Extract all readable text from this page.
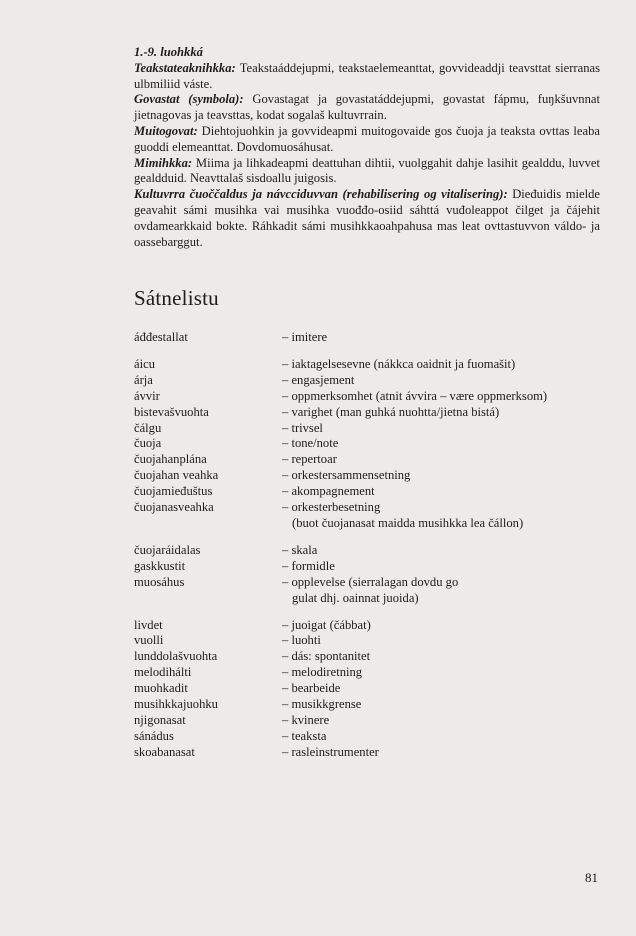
1.-9. luohkká

Teakstateaknihkka: Teakstaáddejupmi, teakstaelemeanttat, govvideaddji teavsttat sierranas ulbmiliid váste.

Govastat (symbola): Govastagat ja govastatáddejupmi, govastat fápmu, fuŋkšuvnnat jietnagovas ja teavsttas, kodat sogalaš kultuvrrain.

Muitogovat: Diehtojuohkin ja govvideapmi muitogovaide gos čuoja ja teaksta ovttas leaba guoddi elemeanttat. Dovdomuosáhusat.

Mimihkka: Miima ja lihkadeapmi deattuhan dihtii, vuolggahit dahje lasihit gealddu, luvvet gealdduid. Neavttalaš sisdoallu juigosis.

Kultuvrra čuoččaldus ja návcciduvvan (rehabilisering og vitalisering): Dieđuidis mielde geavahit sámi musihka vai musihka vuođđo-osiid sáhttá vuđoleappot čilget ja čájehit ovdamearkkaid bokte. Ráhkadit sámi musihkkaoahpahusa mas leat ovttastuvvon váldo- ja oassebarggut.

Sátnelistu
áđđestallat	– imitere
áicu	– iaktagelsesevne (nákkca oaidnit ja fuomašit)
árja	– engasjement
ávvir	– oppmerksomhet (atnit ávvira – være oppmerksom)
bistevašvuohta	– varighet (man guhká nuohtta/jietna bistá)
čálgu	– trivsel
čuoja	– tone/note
čuojahanplána	– repertoar
čuojahan veahka	– orkestersammensetning
čuojamieđuštus	– akompagnement
čuojanasveahka	– orkesterbesetning
(buot čuojanasat maidda musihkka lea čállon)
čuojaráidalas	– skala
gaskkustit	– formidle
muosáhus	– opplevelse (sierralagan dovdu go
gulat dhj. oainnat juoida)
livdet	– juoigat (čábbat)
vuolli	– luohti
lunddolašvuohta	– dás: spontanitet
melodihálti	– melodiretning
muohkadit	– bearbeide
musihkkajuohku	– musikkgrense
njigonasat	– kvinere
sánádus	– teaksta
skoabanasat	– rasleinstrumenter
81
